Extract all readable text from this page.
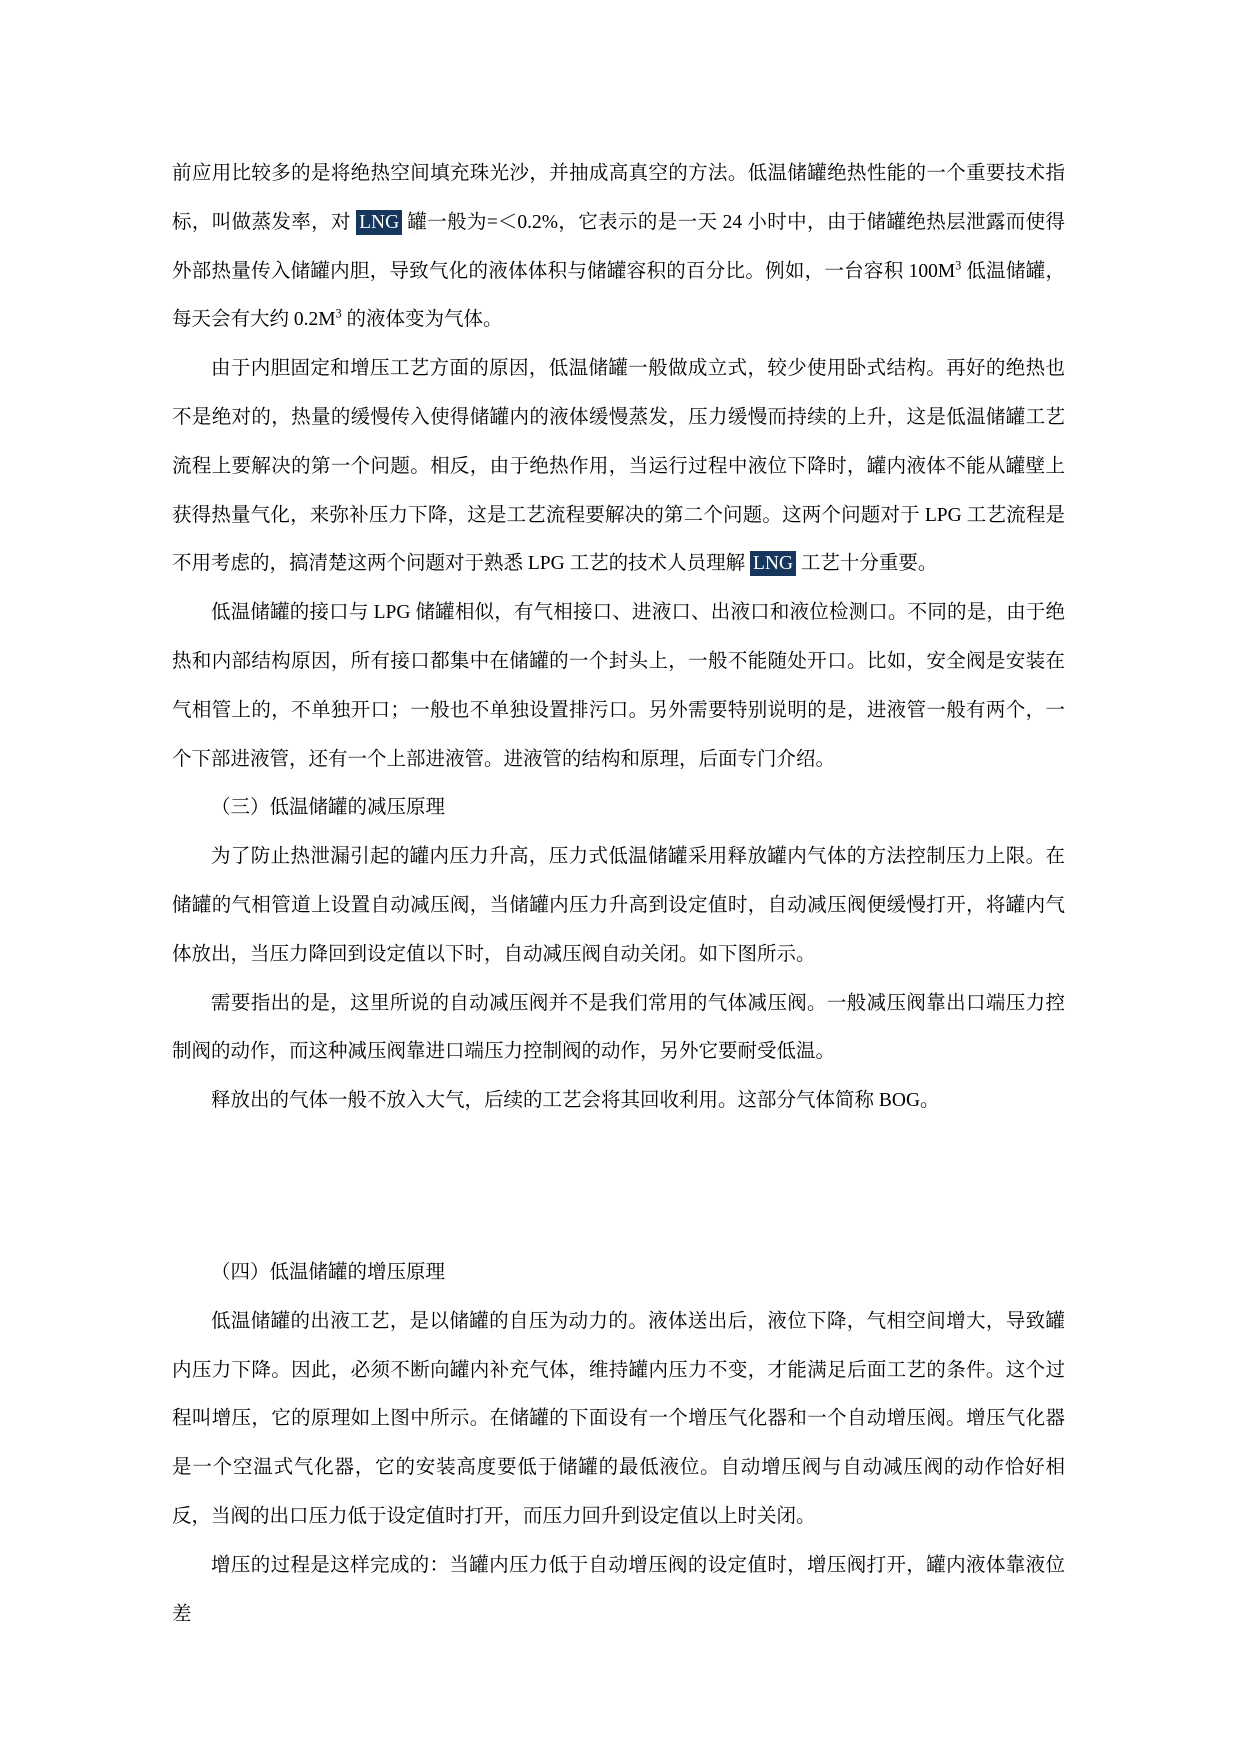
前应用比较多的是将绝热空间填充珠光沙，并抽成高真空的方法。低温储罐绝热性能的一个重要技术指标，叫做蒸发率，对 LNG 罐一般为=＜0.2%，它表示的是一天 24 小时中，由于储罐绝热层泄露而使得外部热量传入储罐内胆，导致气化的液体体积与储罐容积的百分比。例如，一台容积 $100M^3$ 低温储罐，每天会有大约 $0.2M^3$ 的液体变为气体。

由于内胆固定和增压工艺方面的原因，低温储罐一般做成立式，较少使用卧式结构。再好的绝热也不是绝对的，热量的缓慢传入使得储罐内的液体缓慢蒸发，压力缓慢而持续的上升，这是低温储罐工艺流程上要解决的第一个问题。相反，由于绝热作用，当运行过程中液位下降时，罐内液体不能从罐壁上获得热量气化，来弥补压力下降，这是工艺流程要解决的第二个问题。这两个问题对于 LPG 工艺流程是不用考虑的，搞清楚这两个问题对于熟悉 LPG 工艺的技术人员理解 LNG 工艺十分重要。

低温储罐的接口与 LPG 储罐相似，有气相接口、进液口、出液口和液位检测口。不同的是，由于绝热和内部结构原因，所有接口都集中在储罐的一个封头上，一般不能随处开口。比如，安全阀是安装在气相管上的，不单独开口；一般也不单独设置排污口。另外需要特别说明的是，进液管一般有两个，一个下部进液管，还有一个上部进液管。进液管的结构和原理，后面专门介绍。

（三）低温储罐的减压原理

为了防止热泄漏引起的罐内压力升高，压力式低温储罐采用释放罐内气体的方法控制压力上限。在储罐的气相管道上设置自动减压阀，当储罐内压力升高到设定值时，自动减压阀便缓慢打开，将罐内气体放出，当压力降回到设定值以下时，自动减压阀自动关闭。如下图所示。

需要指出的是，这里所说的自动减压阀并不是我们常用的气体减压阀。一般减压阀靠出口端压力控制阀的动作，而这种减压阀靠进口端压力控制阀的动作，另外它要耐受低温。

释放出的气体一般不放入大气，后续的工艺会将其回收利用。这部分气体简称 BOG。

（四）低温储罐的增压原理

低温储罐的出液工艺，是以储罐的自压为动力的。液体送出后，液位下降，气相空间增大，导致罐内压力下降。因此，必须不断向罐内补充气体，维持罐内压力不变，才能满足后面工艺的条件。这个过程叫增压，它的原理如上图中所示。在储罐的下面设有一个增压气化器和一个自动增压阀。增压气化器是一个空温式气化器，它的安装高度要低于储罐的最低液位。自动增压阀与自动减压阀的动作恰好相反，当阀的出口压力低于设定值时打开，而压力回升到设定值以上时关闭。

增压的过程是这样完成的：当罐内压力低于自动增压阀的设定值时，增压阀打开，罐内液体靠液位差
